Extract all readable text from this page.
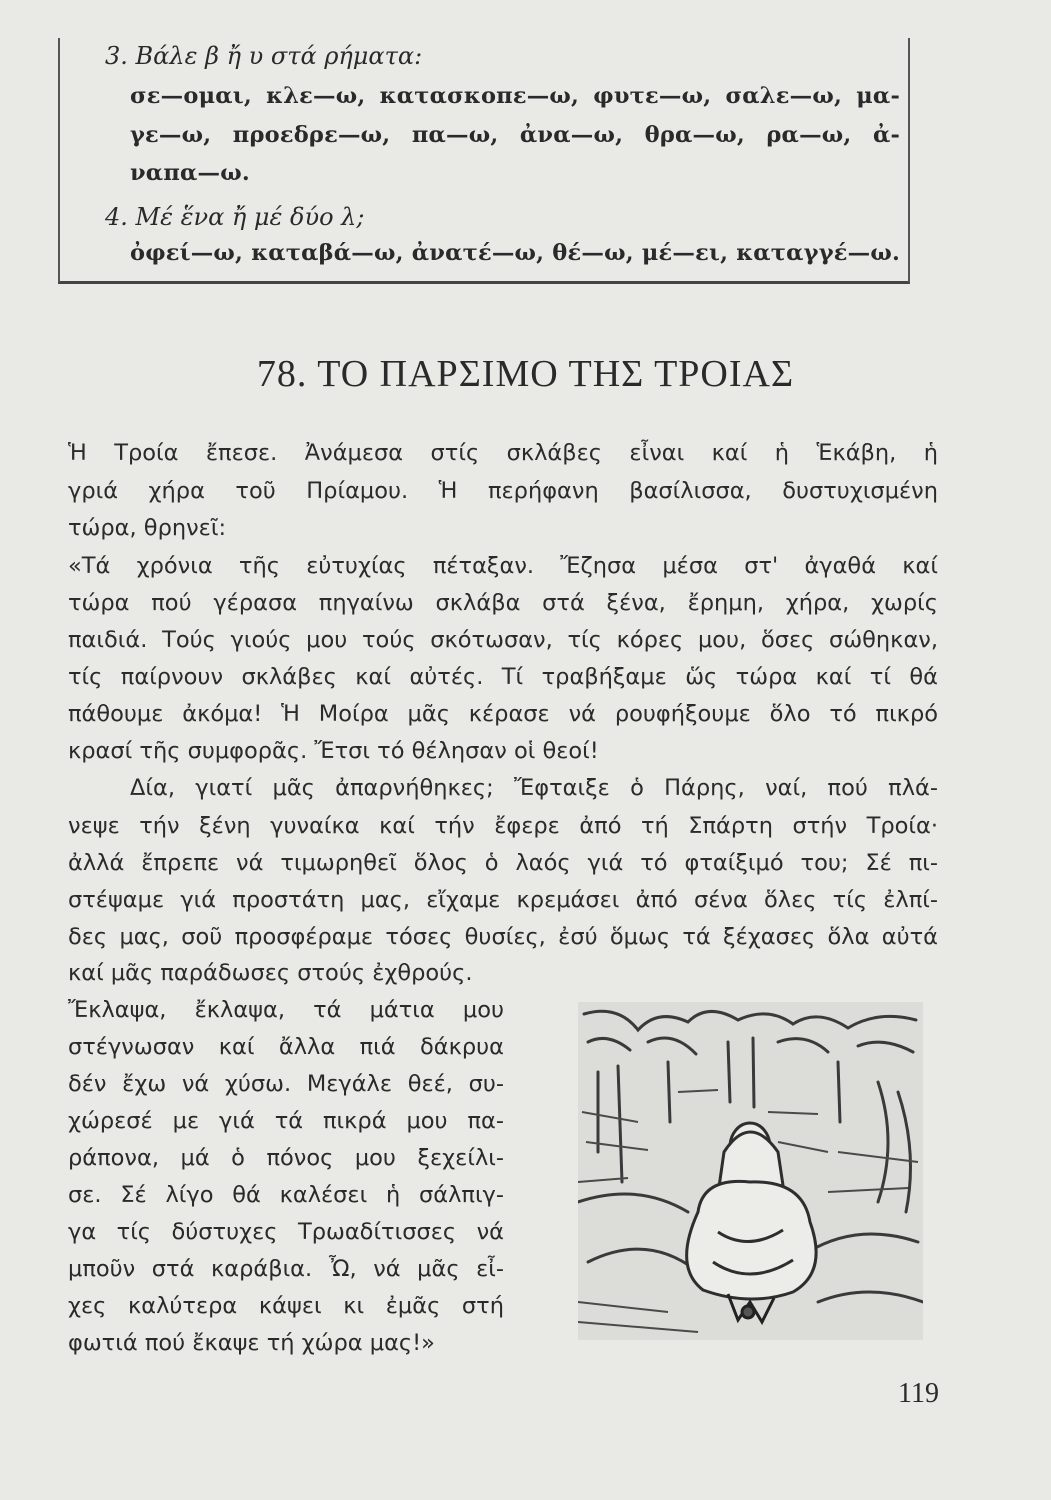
3. Βάλε β ἤ υ στά ρήματα:
σε—ομαι, κλε—ω, κατασκοπε—ω, φυτε—ω, σαλε—ω, μα-
γε—ω, προεδρε—ω, πα—ω, ἀνα—ω, θρα—ω, ρα—ω, ἀ-
ναπα—ω.
4. Μέ ἕνα ἤ μέ δύο λ;
ὀφεί—ω, καταβά—ω, ἀνατέ—ω, θέ—ω, μέ—ει, καταγγέ—ω.
78. ΤΟ ΠΑΡΣΙΜΟ ΤΗΣ ΤΡΟΙΑΣ
Ἡ Τροία ἔπεσε. Ἀνάμεσα στίς σκλάβες εἶναι καί ἡ Ἑκάβη, ἡ
γριά χήρα τοῦ Πρίαμου. Ἡ περήφανη βασίλισσα, δυστυχισμένη
τώρα, θρηνεῖ:
«Τά χρόνια τῆς εὐτυχίας πέταξαν. Ἔζησα μέσα στ' ἀγαθά καί
τώρα πού γέρασα πηγαίνω σκλάβα στά ξένα, ἔρημη, χήρα, χωρίς
παιδιά. Τούς γιούς μου τούς σκότωσαν, τίς κόρες μου, ὅσες σώθηκαν,
τίς παίρνουν σκλάβες καί αὐτές. Τί τραβήξαμε ὥς τώρα καί τί θά
πάθουμε ἀκόμα! Ἡ Μοίρα μᾶς κέρασε νά ρουφήξουμε ὅλο τό πικρό
κρασί τῆς συμφορᾶς. Ἔτσι τό θέλησαν οἱ θεοί!
Δία, γιατί μᾶς ἀπαρνήθηκες; Ἔφταιξε ὁ Πάρης, ναί, πού πλά-
νεψε τήν ξένη γυναίκα καί τήν ἔφερε ἀπό τή Σπάρτη στήν Τροία·
ἀλλά ἔπρεπε νά τιμωρηθεῖ ὅλος ὁ λαός γιά τό φταίξιμό του; Σέ πι-
στέψαμε γιά προστάτη μας, εἴχαμε κρεμάσει ἀπό σένα ὅλες τίς ἐλπί-
δες μας, σοῦ προσφέραμε τόσες θυσίες, ἐσύ ὅμως τά ξέχασες ὅλα αὐτά
καί μᾶς παράδωσες στούς ἐχθρούς.
Ἔκλαψα, ἔκλαψα, τά μάτια μου
στέγνωσαν καί ἄλλα πιά δάκρυα
δέν ἔχω νά χύσω. Μεγάλε θεέ, συ-
χώρεσέ με γιά τά πικρά μου πα-
ράπονα, μά ὁ πόνος μου ξεχείλι-
σε. Σέ λίγο θά καλέσει ἡ σάλπιγ-
γα τίς δύστυχες Τρωαδίτισσες νά
μποῦν στά καράβια. Ὦ, νά μᾶς εἶ-
χες καλύτερα κάψει κι ἐμᾶς στή
φωτιά πού ἔκαψε τή χώρα μας!»
119
